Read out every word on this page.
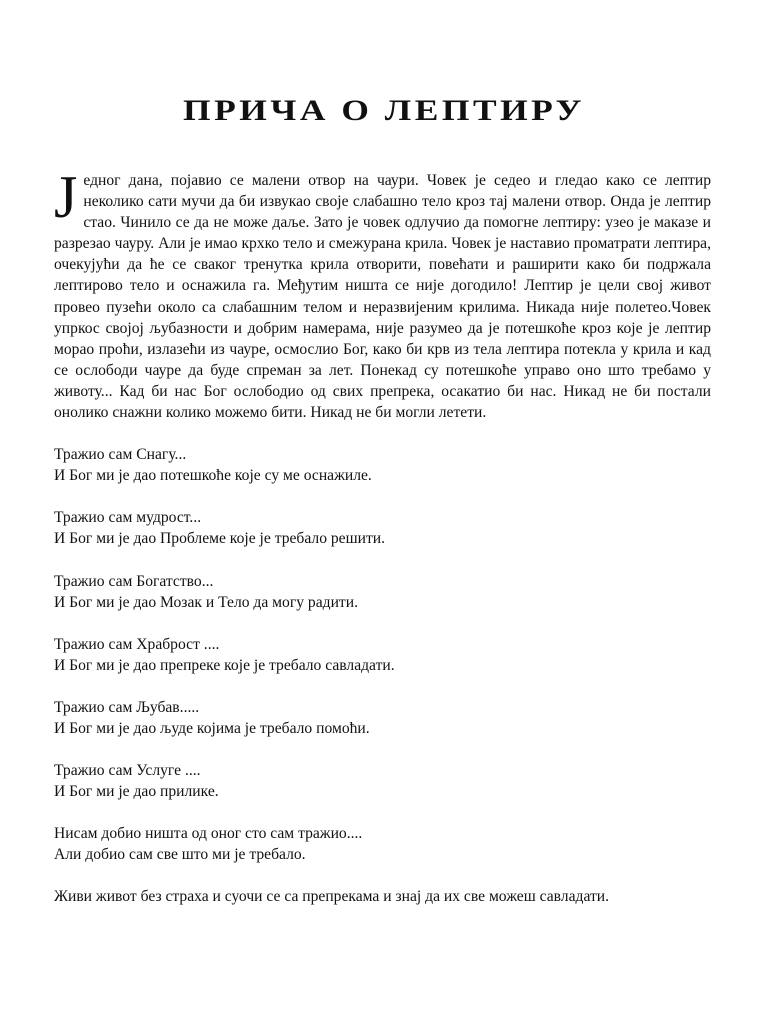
ПРИЧА О ЛЕПТИРУ

Једног дана, појавио се малени отвор на чаури. Човек је седео и гледао како се лептир неколико сати мучи да би извукао своје слабашно тело кроз тај малени отвор. Онда је лептир стао. Чинило се да не може даље. Зато је човек одлучио да помогне лептиру: узео је маказе и разрезао чауру. Али је имао крхко тело и смежурана крила. Човек је наставио проматрати лептира, очекујући да ће се сваког тренутка крила отворити, повећати и раширити како би подржала лептирово тело и оснажила га. Међутим ништа се није догодило! Лептир је цели свој живот провео пузећи около са слабашним телом и неразвијеним крилима. Никада није полетео.Човек упркос својој љубазности и добрим намерама, није разумео да је потешкоће кроз које је лептир морао проћи, излазећи из чауре, осмослио Бог, како би крв из тела лептира потекла у крила и кад се ослободи чауре да буде спреман за лет. Понекад су потешкоће управо оно што требамо у животу... Кад би нас Бог ослободио од свих препрека, осакатио би нас. Никад не би постали онолико снажни колико можемо бити. Никад не би могли летети.

Тражио сам Снагу...

И Бог ми је дао потешкоће које су ме оснажиле.

Тражио сам мудрост...

И Бог ми је дао Проблеме које је требало решити.

Тражио сам Богатство...

И Бог ми је дао Мозак и Тело да могу радити.

Тражио сам Храброст ....

И Бог ми је дао препреке које је требало савладати.

Тражио сам Љубав.....

И Бог ми је дао људе којима је требало помоћи.

Тражио сам Услуге ....

И Бог ми је дао прилике.

Нисам добио ништа од оног сто сам тражио....

Али добио сам све што ми је требало.

Живи живот без страха и суочи се са препрекама и знај да их све можеш савладати.
